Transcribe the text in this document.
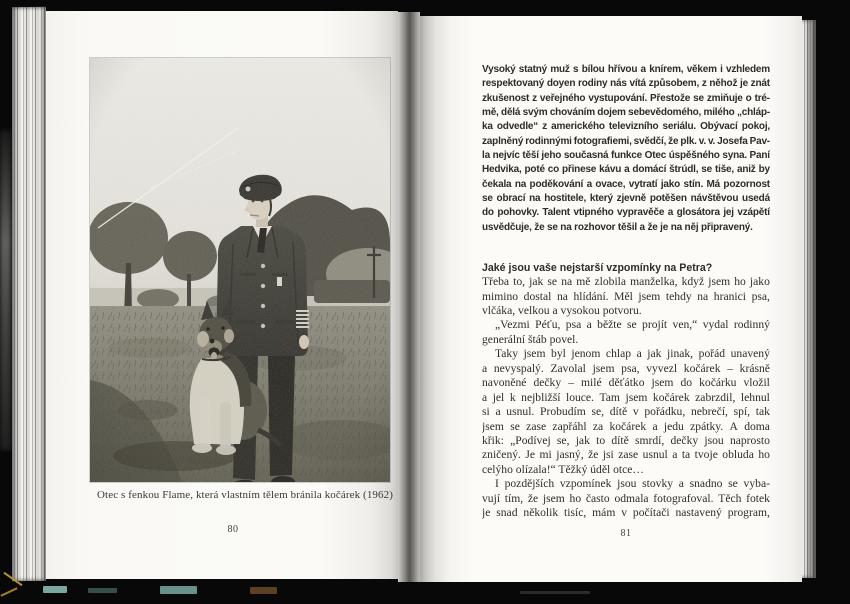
Otec s fenkou Flame, která vlastním tělem bránila kočárek (1962)
80
Vysoký statný muž s bílou hřívou a knírem, věkem i vzhledem
respektovaný doyen rodiny nás vítá způsobem, z něhož je znát
zkušenost z veřejného vystupování. Přestože se zmiňuje o tré-
mě, dělá svým chováním dojem sebevědomého, milého „chláp-
ka odvedle“ z amerického televizního seriálu. Obývací pokoj,
zaplněný rodinnými fotografiemi, svědčí, že plk. v. v. Josefa Pav-
la nejvíc těší jeho současná funkce Otec úspěšného syna. Paní
Hedvika, poté co přinese kávu a domácí štrúdl, se tiše, aniž by
čekala na poděkování a ovace, vytratí jako stín. Má pozornost
se obrací na hostitele, který zjevně potěšen návštěvou usedá
do pohovky. Talent vtipného vypravěče a glosátora jej vzápětí
usvědčuje, že se na rozhovor těšil a že je na něj připravený.
Jaké jsou vaše nejstarší vzpomínky na Petra?
Třeba to, jak se na mě zlobila manželka, když jsem ho jako
mimino dostal na hlídání. Měl jsem tehdy na hranici psa,
vlčáka, velkou a vysokou potvoru.
„Vezmi Péťu, psa a běžte se projít ven,“ vydal rodinný
generální štáb povel.
Taky jsem byl jenom chlap a jak jinak, pořád unavený
a nevyspalý. Zavolal jsem psa, vyvezl kočárek – krásně
navoněné dečky – milé děťátko jsem do kočárku vložil
a jel k nejbližší louce. Tam jsem kočárek zabrzdil, lehnul
si a usnul. Probudím se, dítě v pořádku, nebrečí, spí, tak
jsem se zase zapřáhl za kočárek a jedu zpátky. A doma
křik: „Podívej se, jak to dítě smrdí, dečky jsou naprosto
zničený. Je mi jasný, že jsi zase usnul a ta tvoje obluda ho
celýho olízala!“ Těžký úděl otce…
I pozdějších vzpomínek jsou stovky a snadno se vyba-
vují tím, že jsem ho často odmala fotografoval. Těch fotek
je snad několik tisíc, mám v počítači nastavený program,
81
